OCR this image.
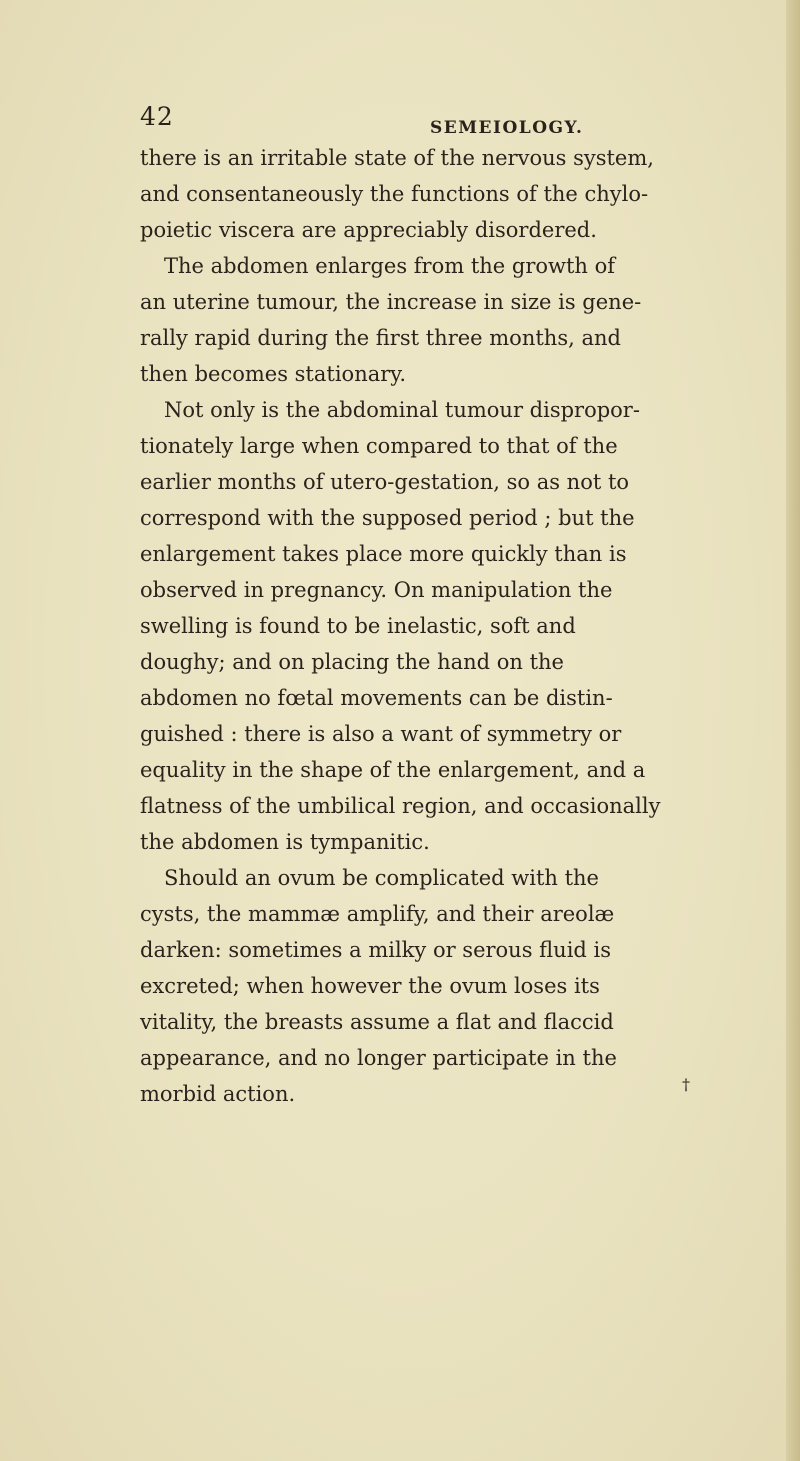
42	SEMEIOLOGY.
there is an irritable state of the nervous system,
and consentaneously the functions of the chylo-
poietic viscera are appreciably disordered.
The abdomen enlarges from the growth of
an uterine tumour, the increase in size is gene-
rally rapid during the first three months, and
then becomes stationary.
Not only is the abdominal tumour dispropor-
tionately large when compared to that of the
earlier months of utero-gestation, so as not to
correspond with the supposed period ; but the
enlargement takes place more quickly than is
observed in pregnancy. On manipulation the
swelling is found to be inelastic, soft and
doughy; and on placing the hand on the
abdomen no fœtal movements can be distin-
guished : there is also a want of symmetry or
equality in the shape of the enlargement, and a
flatness of the umbilical region, and occasionally
the abdomen is tympanitic.
Should an ovum be complicated with the
cysts, the mammæ amplify, and their areolæ
darken: sometimes a milky or serous fluid is
excreted; when however the ovum loses its
vitality, the breasts assume a flat and flaccid
appearance, and no longer participate in the
morbid action.	†
